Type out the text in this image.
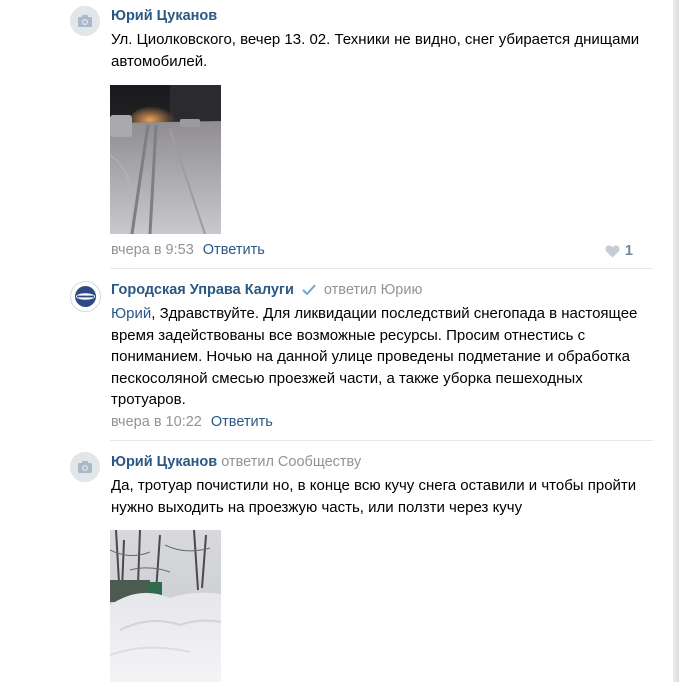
Юрий Цуканов
Ул. Циолковского, вечер 13. 02. Техники не видно, снег убирается днищами автомобилей.
вчера в 9:53 Ответить	1
Городская Управа Калуги ответил Юрию
Юрий, Здравствуйте. Для ликвидации последствий снегопада в настоящее время задействованы все возможные ресурсы. Просим отнестись с пониманием. Ночью на данной улице проведены подметание и обработка пескосоляной смесью проезжей части, а также уборка пешеходных тротуаров.
вчера в 10:22 Ответить
Юрий Цуканов ответил Сообществу
Да, тротуар почистили но, в конце всю кучу снега оставили и чтобы пройти нужно выходить на проезжую часть, или ползти через кучу
